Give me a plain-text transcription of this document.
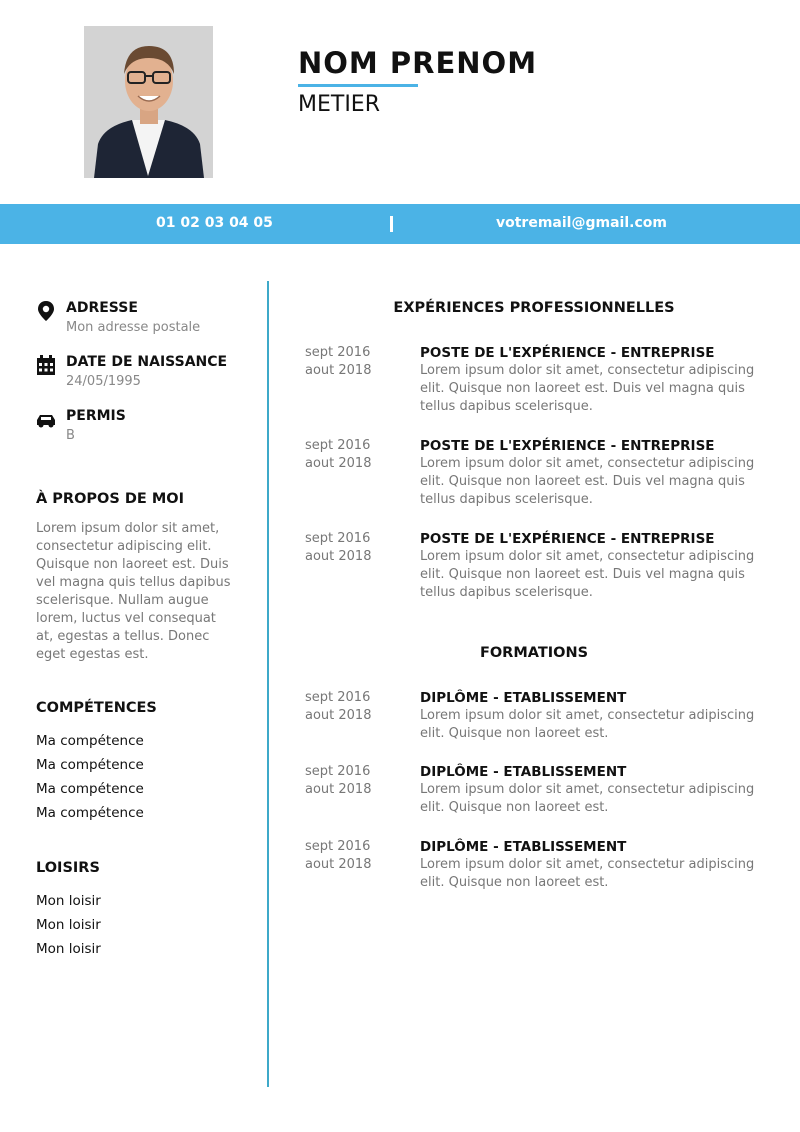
NOM PRENOM
METIER
01 02 03 04 05	votremail@gmail.com
ADRESSE
Mon adresse postale
DATE DE NAISSANCE
24/05/1995
PERMIS
B
À PROPOS DE MOI

Lorem ipsum dolor sit amet, consectetur adipiscing elit. Quisque non laoreet est. Duis vel magna quis tellus dapibus scelerisque. Nullam augue lorem, luctus vel consequat at, egestas a tellus. Donec eget egestas est.

COMPÉTENCES
Ma compétence
Ma compétence
Ma compétence
Ma compétence
LOISIRS
Mon loisir
Mon loisir
Mon loisir
EXPÉRIENCES PROFESSIONNELLES
sept 2016
aout 2018
POSTE DE L'EXPÉRIENCE - ENTREPRISE

Lorem ipsum dolor sit amet, consectetur adipiscing elit. Quisque non laoreet est. Duis vel magna quis tellus dapibus scelerisque.

sept 2016
aout 2018
POSTE DE L'EXPÉRIENCE - ENTREPRISE

Lorem ipsum dolor sit amet, consectetur adipiscing elit. Quisque non laoreet est. Duis vel magna quis tellus dapibus scelerisque.

sept 2016
aout 2018
POSTE DE L'EXPÉRIENCE - ENTREPRISE

Lorem ipsum dolor sit amet, consectetur adipiscing elit. Quisque non laoreet est. Duis vel magna quis tellus dapibus scelerisque.

FORMATIONS
sept 2016
aout 2018
DIPLÔME - ETABLISSEMENT

Lorem ipsum dolor sit amet, consectetur adipiscing elit. Quisque non laoreet est.

sept 2016
aout 2018
DIPLÔME - ETABLISSEMENT

Lorem ipsum dolor sit amet, consectetur adipiscing elit. Quisque non laoreet est.

sept 2016
aout 2018
DIPLÔME - ETABLISSEMENT

Lorem ipsum dolor sit amet, consectetur adipiscing elit. Quisque non laoreet est.
